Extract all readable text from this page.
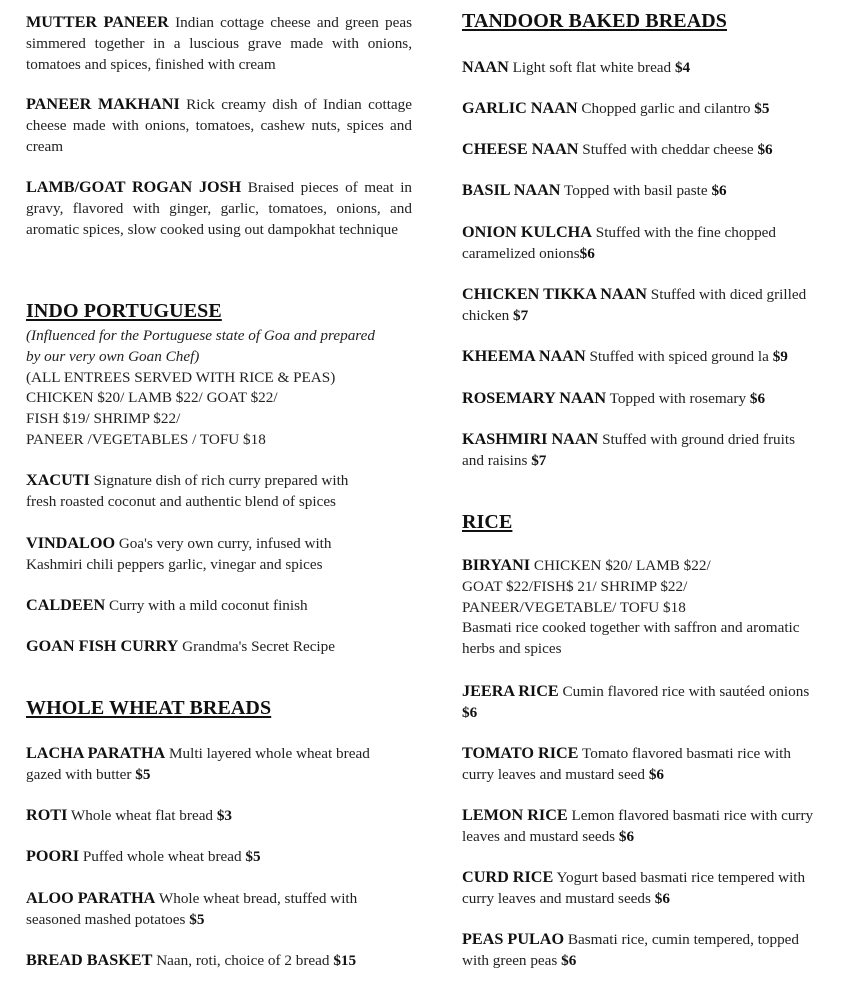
MUTTER PANEER Indian cottage cheese and green peas simmered together in a luscious grave made with onions, tomatoes and spices, finished with cream
PANEER MAKHANI Rick creamy dish of Indian cottage cheese made with onions, tomatoes, cashew nuts, spices and cream
LAMB/GOAT ROGAN JOSH Braised pieces of meat in gravy, flavored with ginger, garlic, tomatoes, onions, and aromatic spices, slow cooked using out dampokhat technique
INDO PORTUGUESE
(Influenced for the Portuguese state of Goa and prepared
by our very own Goan Chef)
(ALL ENTREES SERVED WITH RICE & PEAS)
CHICKEN $20/ LAMB $22/ GOAT $22/
FISH $19/ SHRIMP $22/
PANEER /VEGETABLES / TOFU $18
XACUTI Signature dish of rich curry prepared with
fresh roasted coconut and authentic blend of spices
VINDALOO Goa's very own curry, infused with
Kashmiri chili peppers garlic, vinegar and spices
CALDEEN Curry with a mild coconut finish
GOAN FISH CURRY Grandma's Secret Recipe
WHOLE WHEAT BREADS
LACHA PARATHA Multi layered whole wheat bread
gazed with butter $5
ROTI Whole wheat flat bread $3
POORI Puffed whole wheat bread $5
ALOO PARATHA Whole wheat bread, stuffed with
seasoned mashed potatoes $5
BREAD BASKET Naan, roti, choice of 2 bread $15
TANDOOR BAKED BREADS
NAAN Light soft flat white bread $4
GARLIC NAAN Chopped garlic and cilantro $5
CHEESE NAAN Stuffed with cheddar cheese $6
BASIL NAAN Topped with basil paste $6
ONION KULCHA Stuffed with the fine chopped
caramelized onions$6
CHICKEN TIKKA NAAN Stuffed with diced grilled
chicken $7
KHEEMA NAAN Stuffed with spiced ground la $9
ROSEMARY NAAN Topped with rosemary $6
KASHMIRI NAAN Stuffed with ground dried fruits
and raisins $7
RICE
BIRYANI CHICKEN $20/ LAMB $22/
GOAT $22/FISH$ 21/ SHRIMP $22/
PANEER/VEGETABLE/ TOFU $18
Basmati rice cooked together with saffron and aromatic
herbs and spices
JEERA RICE Cumin flavored rice with sautéed onions
$6
TOMATO RICE Tomato flavored basmati rice with
curry leaves and mustard seed $6
LEMON RICE Lemon flavored basmati rice with curry
leaves and mustard seeds $6
CURD RICE Yogurt based basmati rice tempered with
curry leaves and mustard seeds $6
PEAS PULAO Basmati rice, cumin tempered, topped
with green peas $6
